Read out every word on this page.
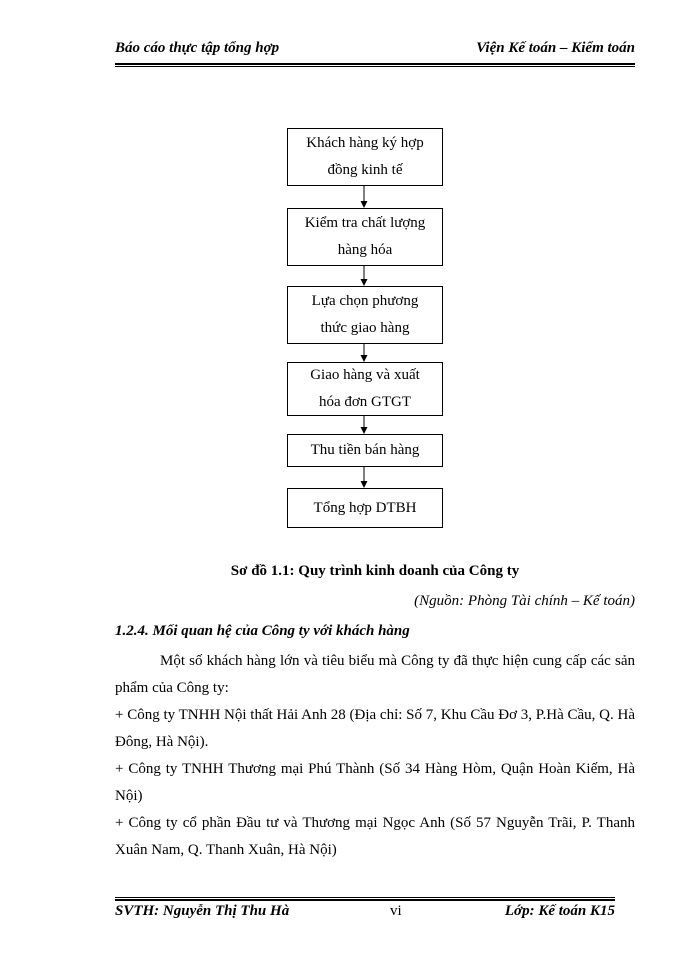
Báo cáo thực tập tổng hợp	Viện Kế toán – Kiểm toán
Khách hàng ký hợp
đồng kinh tế
Kiểm tra chất lượng
hàng hóa
Lựa chọn phương
thức giao hàng
Giao hàng và xuất
hóa đơn GTGT
Thu tiền bán hàng
Tổng hợp DTBH
Sơ đồ 1.1: Quy trình kinh doanh của Công ty
(Nguồn: Phòng Tài chính – Kế toán)
1.2.4. Mối quan hệ của Công ty với khách hàng

Một số khách hàng lớn và tiêu biểu mà Công ty đã thực hiện cung cấp các sản phẩm của Công ty:

+ Công ty TNHH Nội thất Hải Anh 28 (Địa chỉ: Số 7, Khu Cầu Đơ 3, P.Hà Cầu, Q. Hà Đông, Hà Nội).

+ Công ty TNHH Thương mại Phú Thành (Số 34 Hàng Hòm, Quận Hoàn Kiếm, Hà Nội)

+ Công ty cổ phần Đầu tư và Thương mại Ngọc Anh (Số 57 Nguyễn Trãi, P. Thanh Xuân Nam, Q. Thanh Xuân, Hà Nội)

SVTH: Nguyễn Thị Thu Hà	vi	Lớp: Kế toán K15
